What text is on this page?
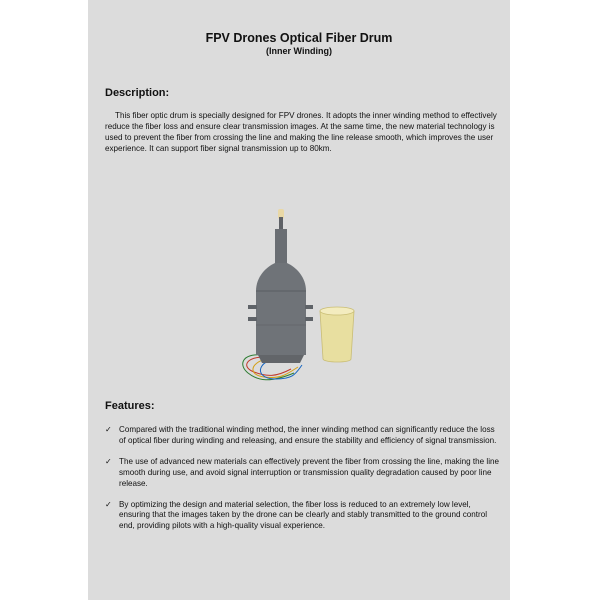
FPV Drones Optical Fiber Drum
(Inner Winding)
Description:

This fiber optic drum is specially designed for FPV drones. It adopts the inner winding method to effectively reduce the fiber loss and ensure clear transmission images. At the same time, the new material technology is used to prevent the fiber from crossing the line and making the line release smooth, which improves the user experience. It can support fiber signal transmission up to 80km.

Features:
✓ Compared with the traditional winding method, the inner winding method can significantly reduce the loss of optical fiber during winding and releasing, and ensure the stability and efficiency of signal transmission.
✓ The use of advanced new materials can effectively prevent the fiber from crossing the line, making the line smooth during use, and avoid signal interruption or transmission quality degradation caused by poor line release.
✓ By optimizing the design and material selection, the fiber loss is reduced to an extremely low level, ensuring that the images taken by the drone can be clearly and stably transmitted to the ground control end, providing pilots with a high-quality visual experience.
